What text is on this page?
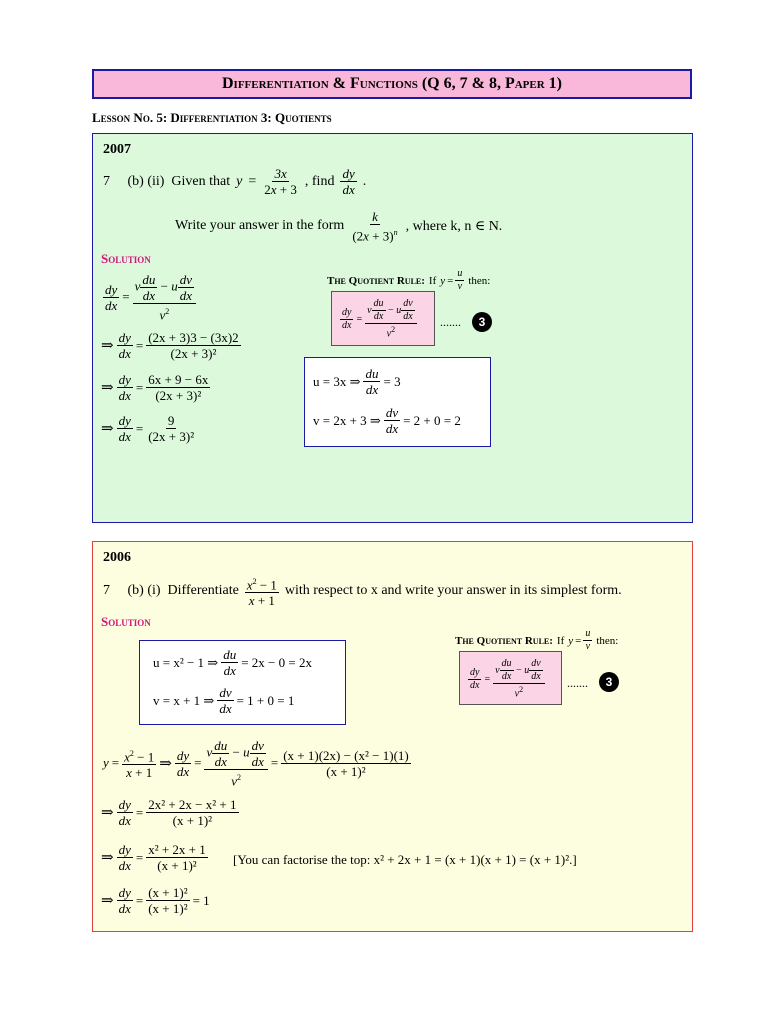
Differentiation & Functions (Q 6, 7 & 8, Paper 1)
Lesson No. 5: Differentiation 3: Quotients
2007
7     (b) (ii)  Given that $y = \frac{3x}{2x + 3}$ , find $\frac{dy}{dx}$ .
Write your answer in the form $\frac{k}{(2x + 3)^n}$ , where k, n ∈ N.
Solution
$\frac{dy}{dx} = \frac{v \frac{du}{dx} - u \frac{dv}{dx}}{v^2}$
⇒ $\frac{dy}{dx} = \frac{(2x + 3)3 - (3x)2}{\text{(2x + 3)²}}$
⇒ $\frac{dy}{dx} = \frac{6x + 9 - 6x}{\text{(2x + 3)²}}$
⇒ $\frac{dy}{dx} = \frac{9}{\text{(2x + 3)²}}$
The Quotient Rule: If $y = \frac{u}{v}$ then:
$\frac{dy}{dx} = \frac{v \frac{du}{dx} - u \frac{dv}{dx}}{v^2}$ .......	3
u = 3x ⇒ $\frac{du}{dx} = 3$
v = 2x + 3 ⇒ $\frac{dv}{dx} = 2 + 0 = 2$
2006
7     (b) (i)  Differentiate $\frac{x^2 - 1}{x + 1}$ with respect to x and write your answer in its simplest form.
Solution
The Quotient Rule: If $y = \frac{u}{v}$ then:
$\frac{dy}{dx} = \frac{v \frac{du}{dx} - u \frac{dv}{dx}}{v^2}$ .......	3
u = x² − 1 ⇒ $\frac{du}{dx} = 2x - 0 = 2x$
v = x + 1 ⇒ $\frac{dv}{dx} = 1 + 0 = 1$
$y = \frac{x^2 - 1}{x + 1}$ ⇒ $\frac{dy}{dx} = \frac{v \frac{du}{dx} - u \frac{dv}{dx}}{v^2} = \frac{\text{(x + 1)(2x) − (x² − 1)(1)}}{\text{(x + 1)²}}$
⇒ $\frac{dy}{dx} = \frac{\text{2x² + 2x − x² + 1}}{\text{(x + 1)²}}$
⇒ $\frac{dy}{dx} = \frac{\text{x² + 2x + 1}}{\text{(x + 1)²}} [You$ can factorise the top: x² + 2x + 1 = (x + 1)(x + 1) = (x + 1)².]
⇒ $\frac{dy}{dx} = \frac{\text{(x + 1)²}}{\text{(x + 1)²}} = 1$
